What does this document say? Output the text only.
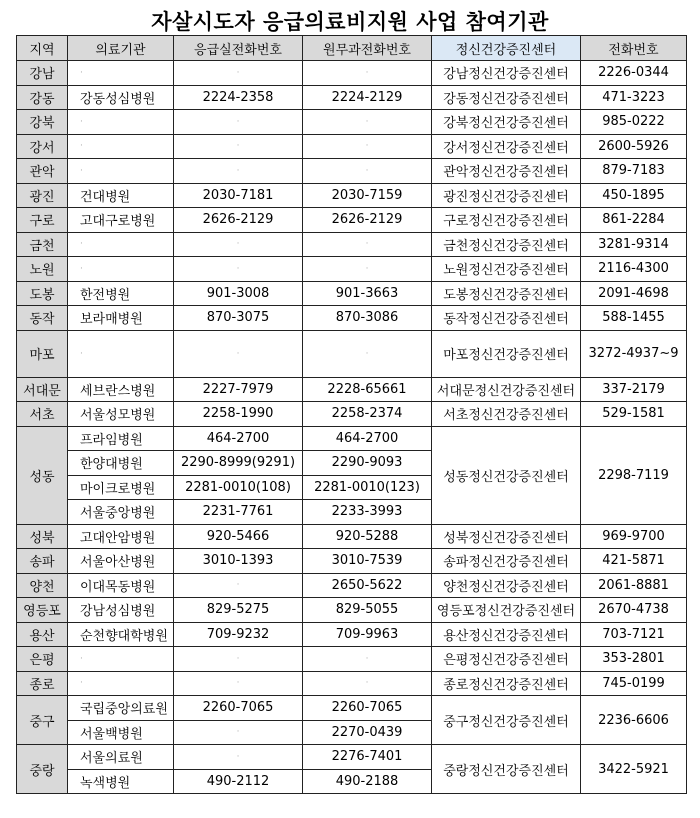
자살시도자 응급의료비지원 사업 참여기관
지역	의료기관	응급실전화번호	원무과전화번호	정신건강증진센터	전화번호
강남	·	·	·	강남정신건강증진센터	2226-0344
강동	강동성심병원	2224-2358	2224-2129	강동정신건강증진센터	471-3223
강북	·	·	·	강북정신건강증진센터	985-0222
강서	·	·	·	강서정신건강증진센터	2600-5926
관악	·	·	·	관악정신건강증진센터	879-7183
광진	건대병원	2030-7181	2030-7159	광진정신건강증진센터	450-1895
구로	고대구로병원	2626-2129	2626-2129	구로정신건강증진센터	861-2284
금천	·	·	·	금천정신건강증진센터	3281-9314
노원	·	·	·	노원정신건강증진센터	2116-4300
도봉	한전병원	901-3008	901-3663	도봉정신건강증진센터	2091-4698
동작	보라매병원	870-3075	870-3086	동작정신건강증진센터	588-1455
마포	·	·	·	마포정신건강증진센터	3272-4937~9
서대문	세브란스병원	2227-7979	2228-65661	서대문정신건강증진센터	337-2179
서초	서울성모병원	2258-1990	2258-2374	서초정신건강증진센터	529-1581
성동	프라임병원	464-2700	464-2700	성동정신건강증진센터	2298-7119
	한양대병원	2290-8999(9291)	2290-9093		
	마이크로병원	2281-0010(108)	2281-0010(123)		
	서울중앙병원	2231-7761	2233-3993		
성북	고대안암병원	920-5466	920-5288	성북정신건강증진센터	969-9700
송파	서울아산병원	3010-1393	3010-7539	송파정신건강증진센터	421-5871
양천	이대목동병원	·	2650-5622	양천정신건강증진센터	2061-8881
영등포	강남성심병원	829-5275	829-5055	영등포정신건강증진센터	2670-4738
용산	순천향대학병원	709-9232	709-9963	용산정신건강증진센터	703-7121
은평	·	·	·	은평정신건강증진센터	353-2801
종로	·	·	·	종로정신건강증진센터	745-0199
중구	국립중앙의료원	2260-7065	2260-7065	중구정신건강증진센터	2236-6606
	서울백병원	·	2270-0439		
중랑	서울의료원	·	2276-7401	중랑정신건강증진센터	3422-5921
	녹색병원	490-2112	490-2188		
